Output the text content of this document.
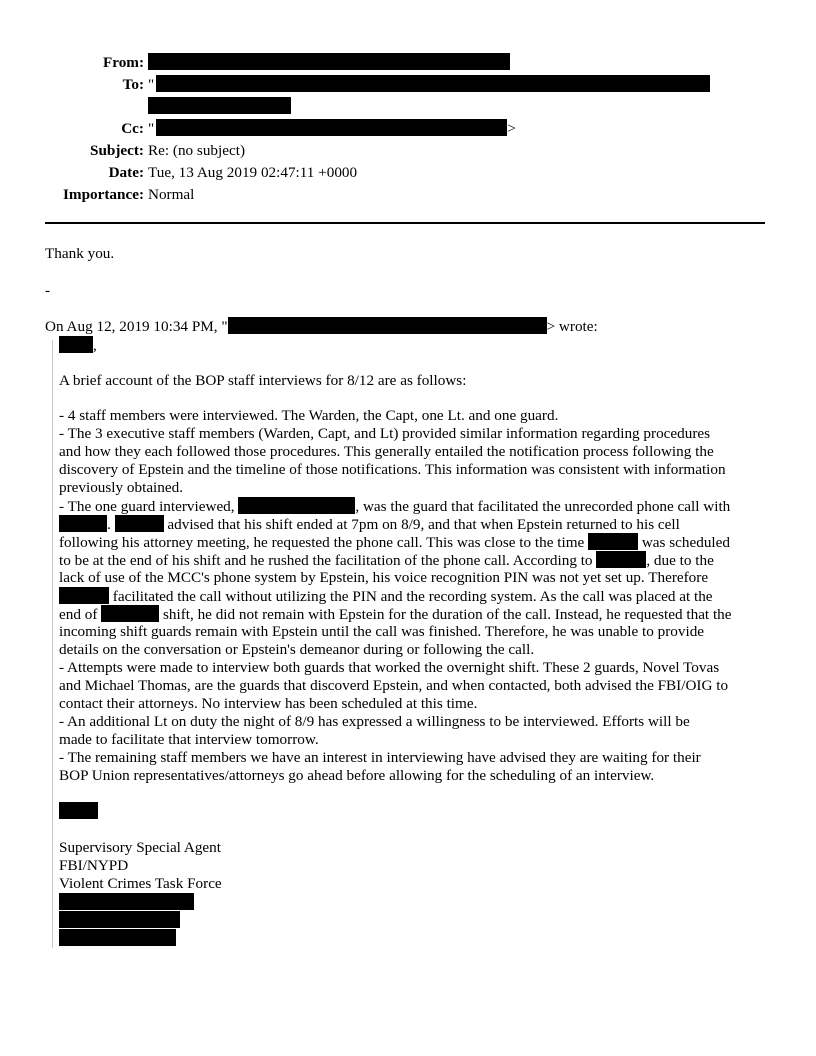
From:
To: "
Cc: "	>
Subject: Re: (no subject)
Date: Tue, 13 Aug 2019 02:47:11 +0000
Importance: Normal
Thank you.
-
On Aug 12, 2019 10:34 PM, "	> wrote:
,
A brief account of the BOP staff interviews for 8/12 are as follows:
- 4 staff members were interviewed. The Warden, the Capt, one Lt. and one guard.
- The 3 executive staff members (Warden, Capt, and Lt) provided similar information regarding procedures
and how they each followed those procedures. This generally entailed the notification process following the
discovery of Epstein and the timeline of those notifications. This information was consistent with information
previously obtained.
- The one guard interviewed,	, was the guard that facilitated the unrecorded phone call with
.	advised that his shift ended at 7pm on 8/9, and that when Epstein returned to his cell
following his attorney meeting, he requested the phone call. This was close to the time	was scheduled
to be at the end of his shift and he rushed the facilitation of the phone call. According to	, due to the
lack of use of the MCC's phone system by Epstein, his voice recognition PIN was not yet set up. Therefore
facilitated the call without utilizing the PIN and the recording system. As the call was placed at the
end of	shift, he did not remain with Epstein for the duration of the call. Instead, he requested that the
incoming shift guards remain with Epstein until the call was finished. Therefore, he was unable to provide
details on the conversation or Epstein's demeanor during or following the call.
- Attempts were made to interview both guards that worked the overnight shift. These 2 guards, Novel Tovas
and Michael Thomas, are the guards that discoverd Epstein, and when contacted, both advised the FBI/OIG to
contact their attorneys. No interview has been scheduled at this time.
- An additional Lt on duty the night of 8/9 has expressed a willingness to be interviewed. Efforts will be
made to facilitate that interview tomorrow.
- The remaining staff members we have an interest in interviewing have advised they are waiting for their
BOP Union representatives/attorneys go ahead before allowing for the scheduling of an interview.
Supervisory Special Agent
FBI/NYPD
Violent Crimes Task Force
